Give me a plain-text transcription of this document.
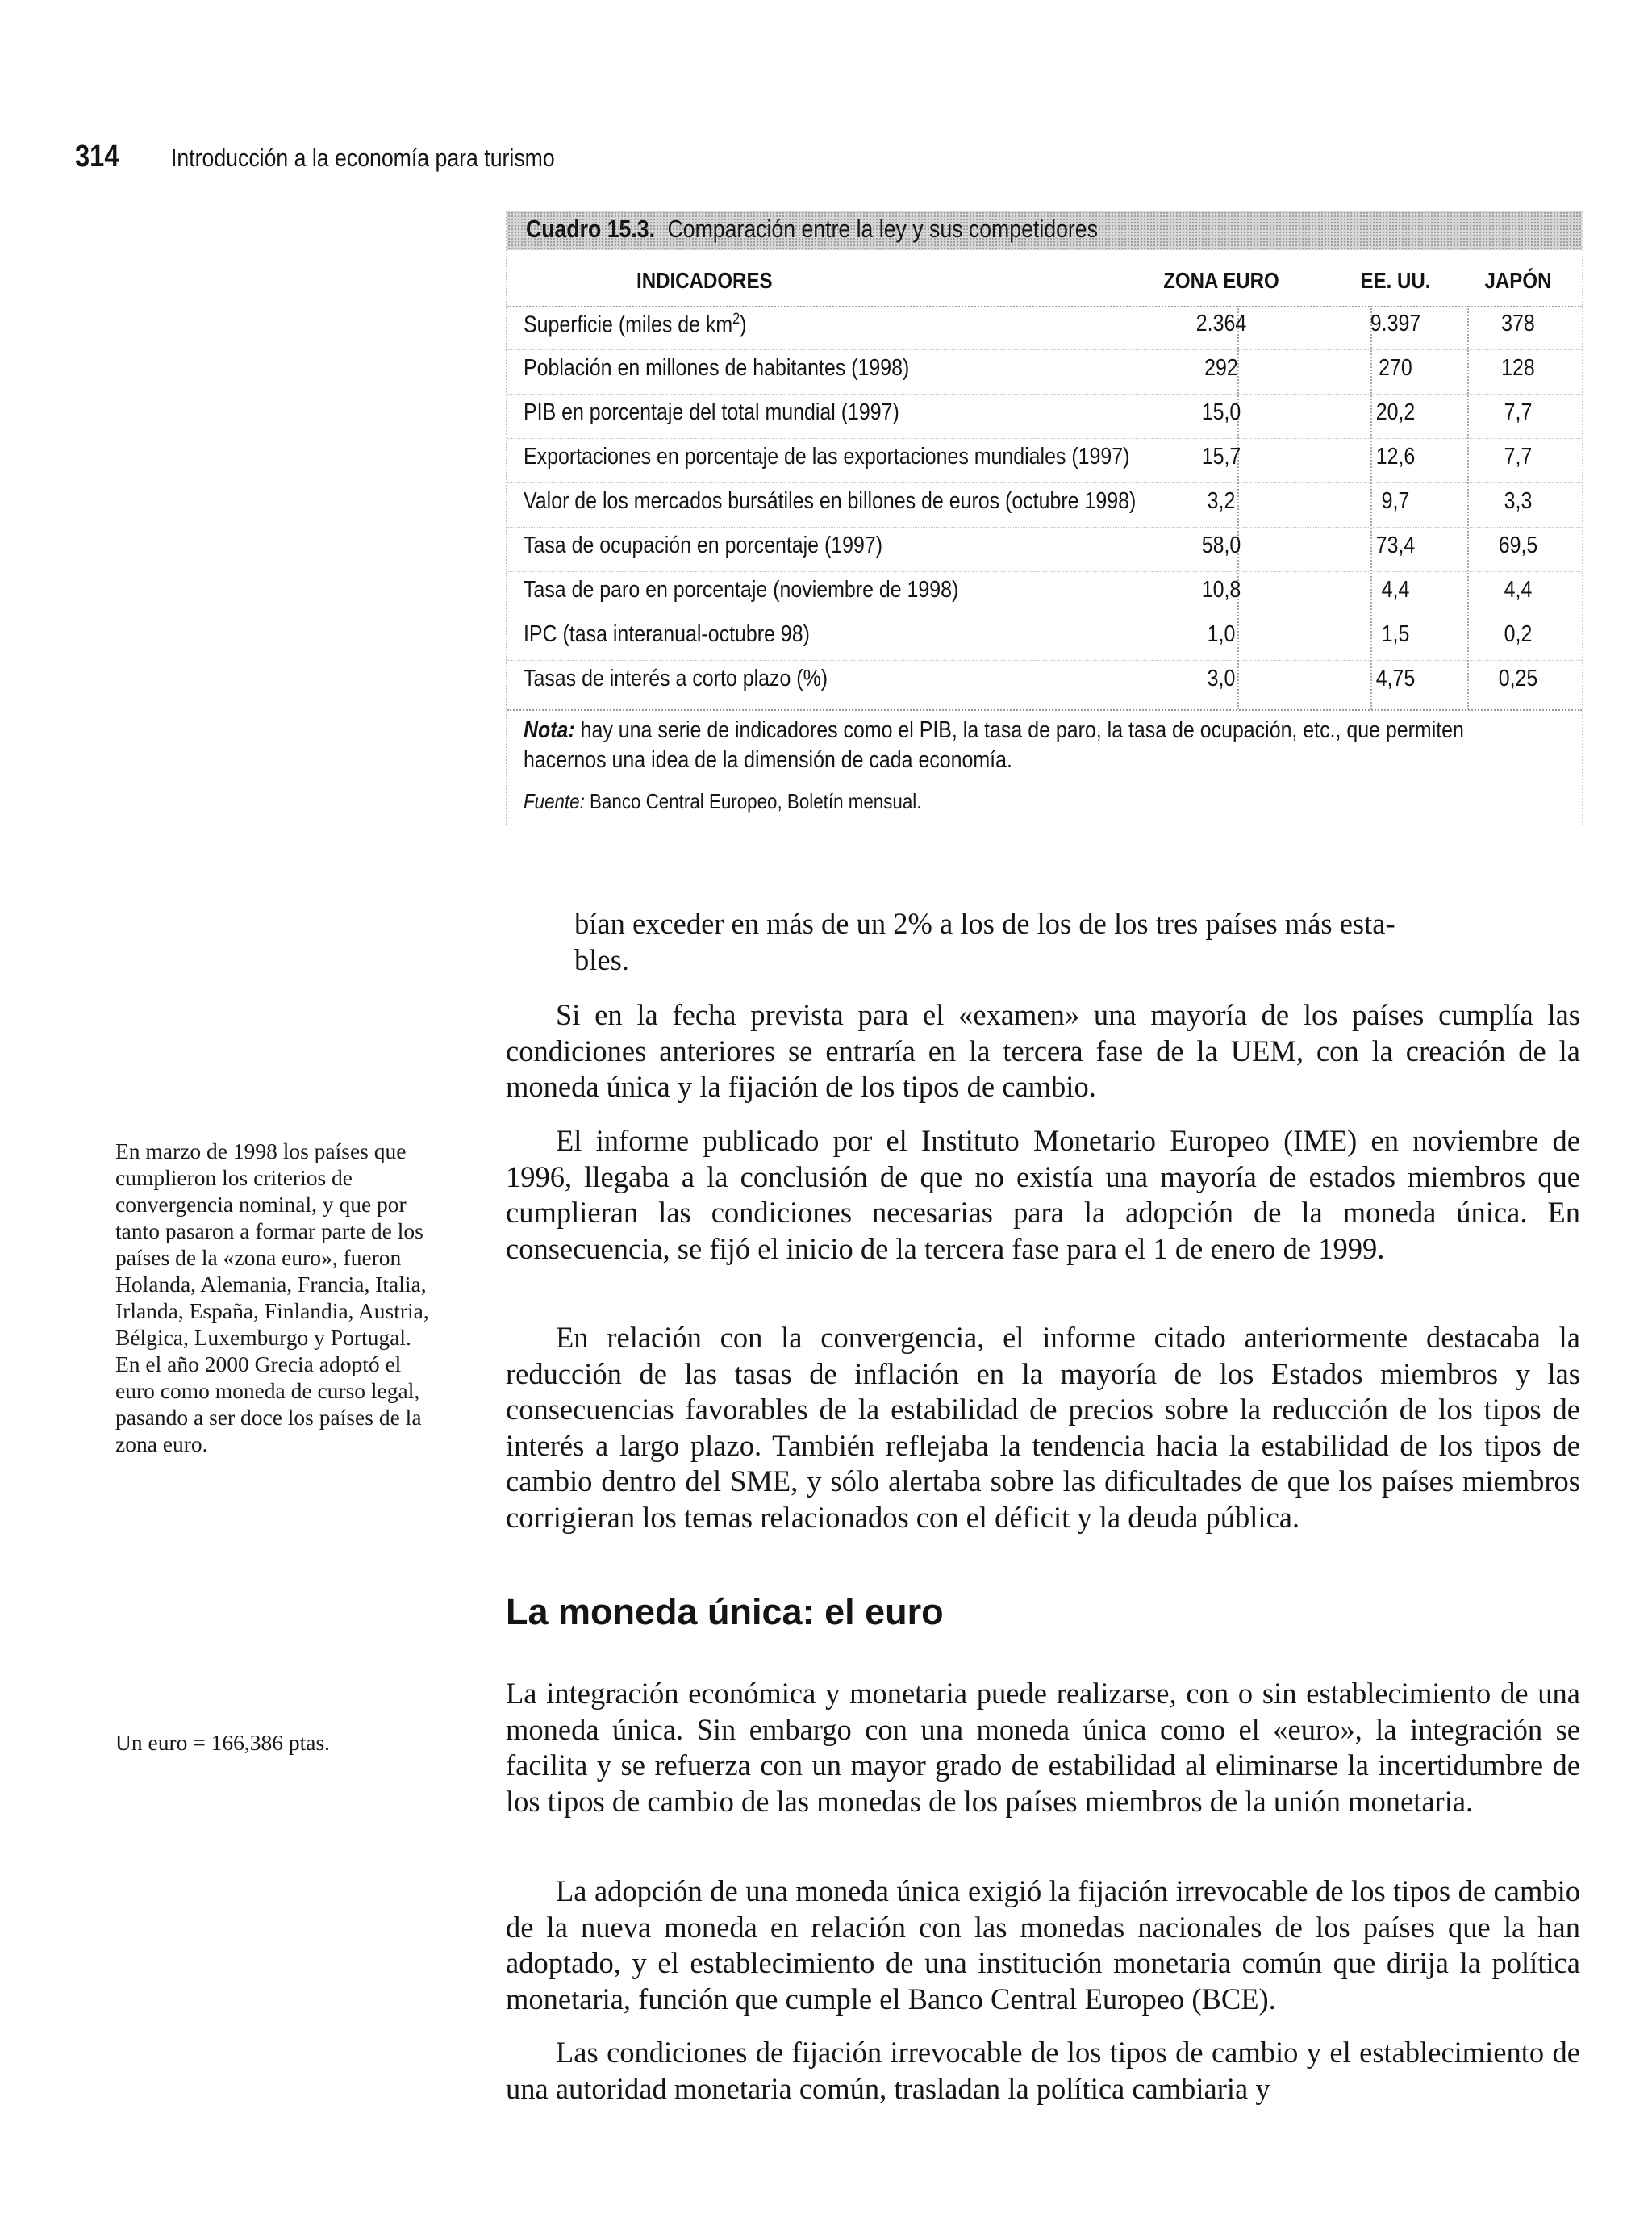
314 Introducción a la economía para turismo
Cuadro 15.3. Comparación entre la ley y sus competidores
INDICADORES	ZONA EURO	EE. UU.	JAPÓN
Superficie (miles de $km^2$)	2.364	9.397	378
Población en millones de habitantes (1998)	292	270	128
PIB en porcentaje del total mundial (1997)	15,0	20,2	7,7
Exportaciones en porcentaje de las exportaciones mundiales (1997)	15,7	12,6	7,7
Valor de los mercados bursátiles en billones de euros (octubre 1998)	3,2	9,7	3,3
Tasa de ocupación en porcentaje (1997)	58,0	73,4	69,5
Tasa de paro en porcentaje (noviembre de 1998)	10,8	4,4	4,4
IPC (tasa interanual-octubre 98)	1,0	1,5	0,2
Tasas de interés a corto plazo (%)	3,0	4,75	0,25
Nota: hay una serie de indicadores como el PIB, la tasa de paro, la tasa de ocupación, etc., que permiten
hacernos una idea de la dimensión de cada economía.
Fuente: Banco Central Europeo, Boletín mensual.

bían exceder en más de un 2% a los de los de los tres países más esta-

bles.

Si en la fecha prevista para el «examen» una mayoría de los países cumplía las condiciones anteriores se entraría en la tercera fase de la UEM, con la creación de la moneda única y la fijación de los tipos de cambio.

El informe publicado por el Instituto Monetario Europeo (IME) en noviembre de 1996, llegaba a la conclusión de que no existía una mayoría de estados miembros que cumplieran las condiciones necesarias para la adopción de la moneda única. En consecuencia, se fijó el inicio de la tercera fase para el 1 de enero de 1999.

En relación con la convergencia, el informe citado anteriormente destacaba la reducción de las tasas de inflación en la mayoría de los Estados miembros y las consecuencias favorables de la estabilidad de precios sobre la reducción de los tipos de interés a largo plazo. También reflejaba la tendencia hacia la estabilidad de los tipos de cambio dentro del SME, y sólo alertaba sobre las dificultades de que los países miembros corrigieran los temas relacionados con el déficit y la deuda pública.

La moneda única: el euro

La integración económica y monetaria puede realizarse, con o sin establecimiento de una moneda única. Sin embargo con una moneda única como el «euro», la integración se facilita y se refuerza con un mayor grado de estabilidad al eliminarse la incertidumbre de los tipos de cambio de las monedas de los países miembros de la unión monetaria.

La adopción de una moneda única exigió la fijación irrevocable de los tipos de cambio de la nueva moneda en relación con las monedas nacionales de los países que la han adoptado, y el establecimiento de una institución monetaria común que dirija la política monetaria, función que cumple el Banco Central Europeo (BCE).

Las condiciones de fijación irrevocable de los tipos de cambio y el establecimiento de una autoridad monetaria común, trasladan la política cambiaria y

En marzo de 1998 los países que cumplieron los criterios de convergencia nominal, y que por tanto pasaron a formar parte de los países de la «zona euro», fueron Holanda, Alemania, Francia, Italia, Irlanda, España, Finlandia, Austria, Bélgica, Luxemburgo y Portugal. En el año 2000 Grecia adoptó el euro como moneda de curso legal, pasando a ser doce los países de la zona euro.
Un euro = 166,386 ptas.
